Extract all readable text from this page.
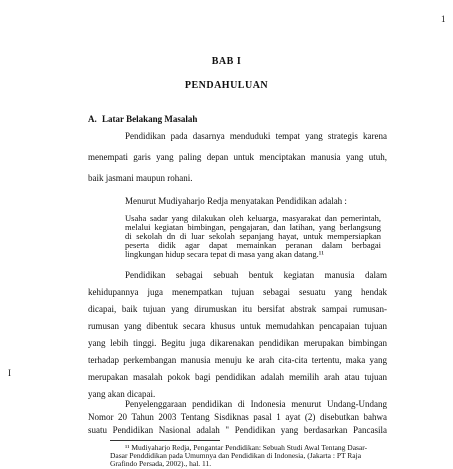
1
I
BAB I
PENDAHULUAN
A. Latar Belakang Masalah
Pendidikan pada dasarnya menduduki tempat yang strategis karena
menempati garis yang paling depan untuk menciptakan manusia yang utuh,
baik jasmani maupun rohani.
Menurut Mudiyaharjo Redja menyatakan Pendidikan adalah :
Usaha sadar yang dilakukan oleh keluarga, masyarakat dan pemerintah,
melalui kegiatan bimbingan, pengajaran, dan latihan, yang berlangsung
di sekolah dn di luar sekolah sepanjang hayat, untuk mempersiapkan
peserta didik agar dapat memainkan peranan dalam berbagai
lingkungan hidup secara tepat di masa yang akan datang.¹¹
Pendidikan sebagai sebuah bentuk kegiatan manusia dalam
¹¹ Mudiyaharjo Redja, Pengantar Pendidikan: Sebuah Studi Awal Tentang Dasar-
Dasar Penddidikan pada Umumnya dan Pendidikan di Indonesia, (Jakarta : PT Raja
Grafindo Persada, 2002)., hal. 11.
kehidupannya juga menempatkan tujuan sebagai sesuatu yang hendak
dicapai, baik tujuan yang dirumuskan itu bersifat abstrak sampai rumusan-
rumusan yang dibentuk secara khusus untuk memudahkan pencapaian tujuan
yang lebih tinggi. Begitu juga dikarenakan pendidikan merupakan bimbingan
terhadap perkembangan manusia menuju ke arah cita-cita tertentu, maka yang
merupakan masalah pokok bagi pendidikan adalah memilih arah atau tujuan
yang akan dicapai.
Penyelenggaraan pendidikan di Indonesia menurut Undang-Undang
Nomor 20 Tahun 2003 Tentang Sisdiknas pasal 1 ayat (2) disebutkan bahwa
suatu Pendidikan Nasional adalah " Pendidikan yang berdasarkan Pancasila
